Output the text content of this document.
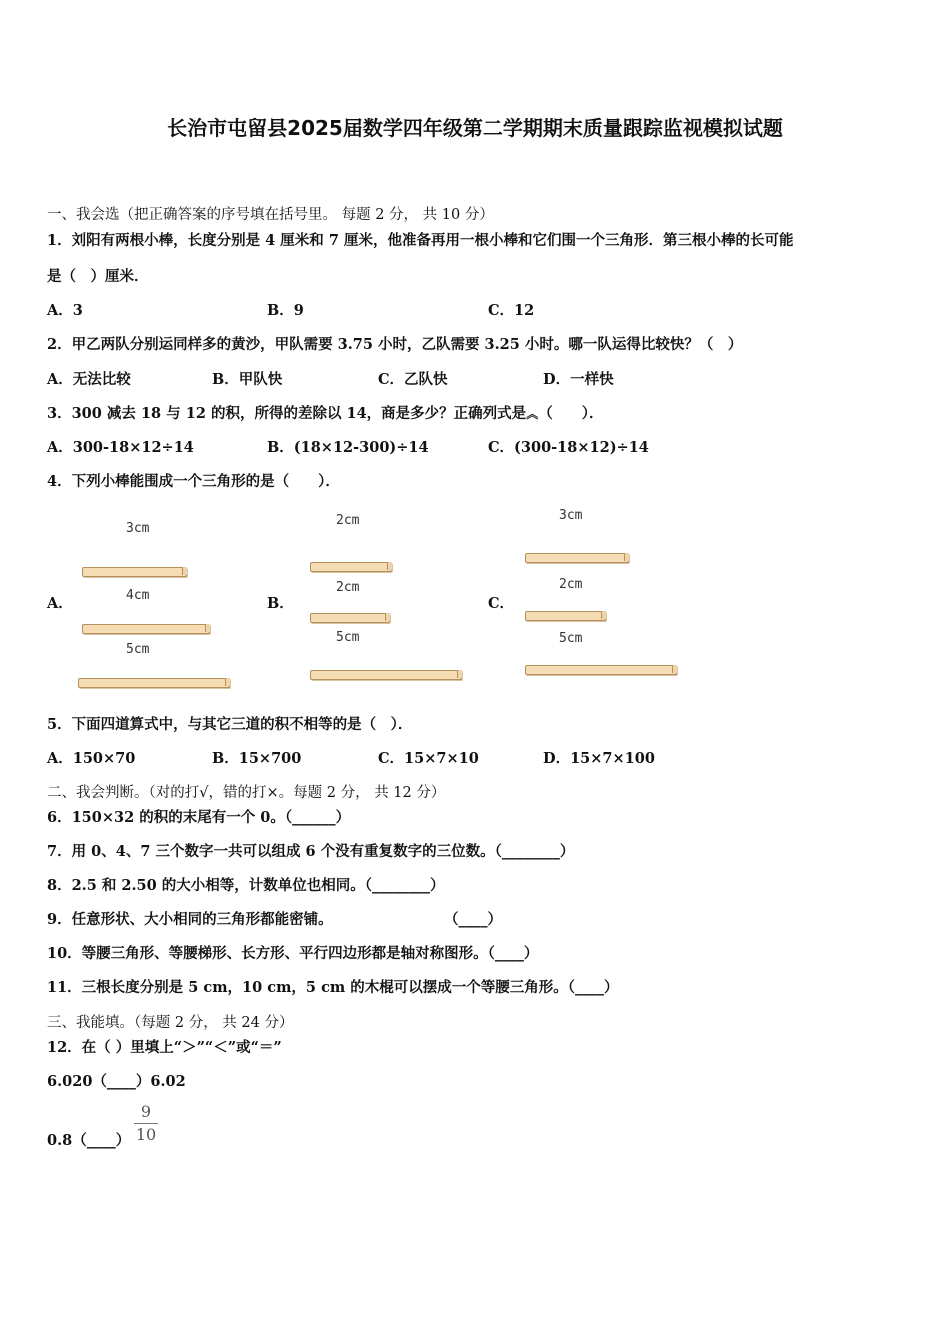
长治市屯留县2025届数学四年级第二学期期末质量跟踪监视模拟试题
一、我会选（把正确答案的序号填在括号里。 每题 2 分， 共 10 分）
1．刘阳有两根小棒，长度分别是 4 厘米和 7 厘米，他准备再用一根小棒和它们围一个三角形．第三根小棒的长可能
是（　）厘米．
A．3	B．9	C．12
2．甲乙两队分别运同样多的黄沙，甲队需要 3.75 小时，乙队需要 3.25 小时。哪一队运得比较快？（　）
A．无法比较	B．甲队快	C．乙队快	D．一样快
3．300 减去 18 与 12 的积，所得的差除以 14，商是多少？正确列式是︽（　　）．
A．300-18×12÷14	B．(18×12-300)÷14	C．(300-18×12)÷14
4．下列小棒能围成一个三角形的是（　　）．
A．
3cm
4cm
5cm
B．
2cm
2cm
5cm
C．
3cm
2cm
5cm
5．下面四道算式中，与其它三道的积不相等的是（　）．
A．150×70	B．15×700	C．15×7×10	D．15×7×100
二、我会判断。（对的打√，错的打×。每题 2 分， 共 12 分）
6．150×32 的积的末尾有一个 0。（______）
7．用 0、4、7 三个数字一共可以组成 6 个没有重复数字的三位数。（________）
8．2.5 和 2.50 的大小相等，计数单位也相同。（________）
9．任意形状、大小相同的三角形都能密铺。	（____）
10．等腰三角形、等腰梯形、长方形、平行四边形都是轴对称图形。（____）
11．三根长度分别是 5 cm，10 cm，5 cm 的木棍可以摆成一个等腰三角形。（____）
三、我能填。（每题 2 分， 共 24 分）
12．在（ ）里填上“＞”“＜”或“＝”
6.020（____）6.02
0.8（____）
9
10
